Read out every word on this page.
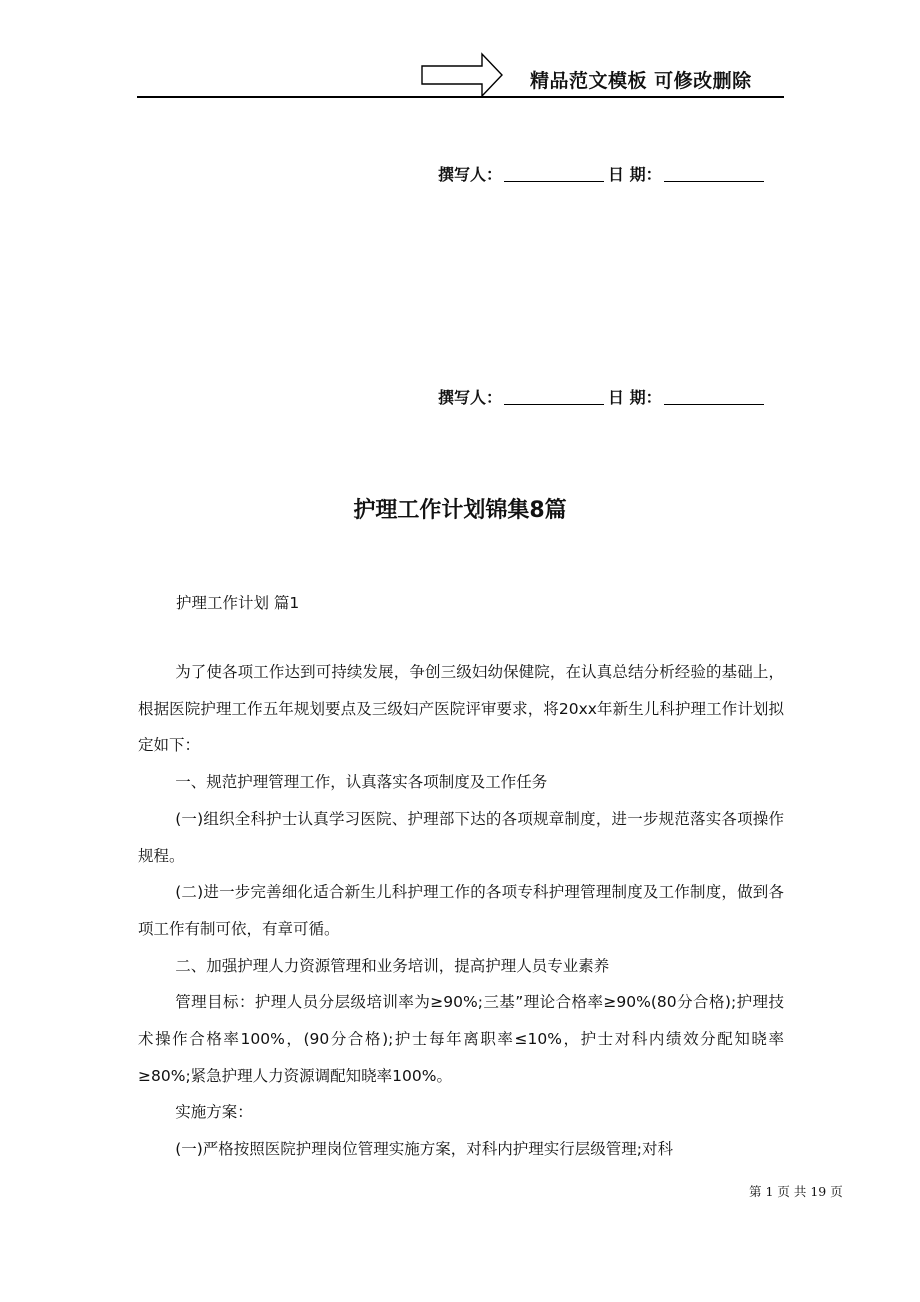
精品范文模板 可修改删除
撰写人：	日 期：
撰写人：	日 期：
护理工作计划锦集8篇
护理工作计划 篇1

为了使各项工作达到可持续发展，争创三级妇幼保健院，在认真总结分析经验的基础上，根据医院护理工作五年规划要点及三级妇产医院评审要求，将20xx年新生儿科护理工作计划拟定如下：

一、规范护理管理工作，认真落实各项制度及工作任务

(一)组织全科护士认真学习医院、护理部下达的各项规章制度，进一步规范落实各项操作规程。

(二)进一步完善细化适合新生儿科护理工作的各项专科护理管理制度及工作制度，做到各项工作有制可依，有章可循。

二、加强护理人力资源管理和业务培训，提高护理人员专业素养

管理目标：护理人员分层级培训率为≥90%;三基”理论合格率≥90%(80分合格);护理技术操作合格率100%，(90分合格);护士每年离职率≤10%，护士对科内绩效分配知晓率≥80%;紧急护理人力资源调配知晓率100%。

实施方案：

(一)严格按照医院护理岗位管理实施方案，对科内护理实行层级管理;对科

第 1 页 共 19 页
